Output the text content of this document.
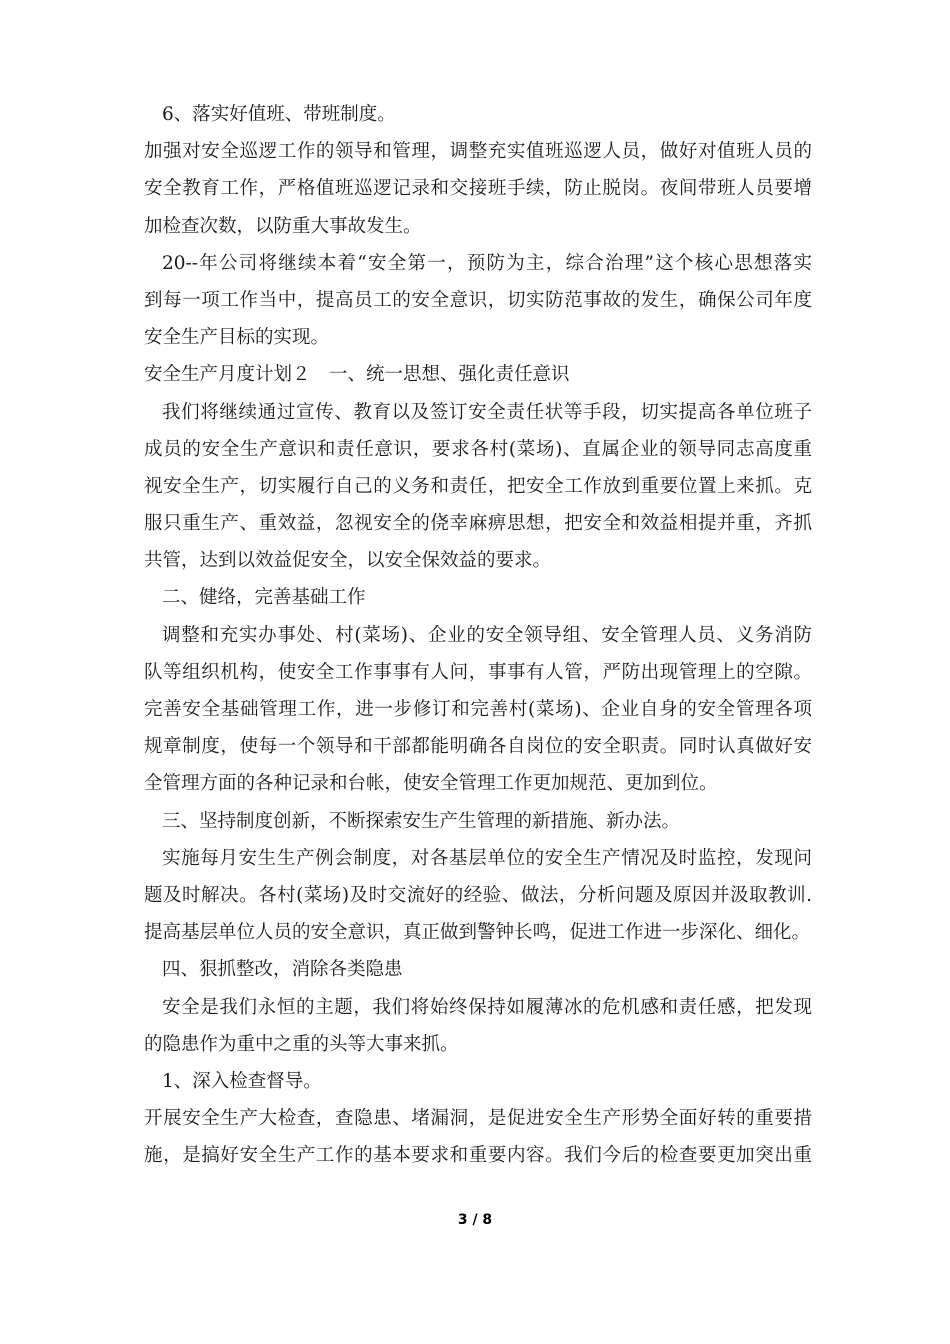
6、落实好值班、带班制度。
加强对安全巡逻工作的领导和管理，调整充实值班巡逻人员，做好对值班人员的
安全教育工作，严格值班巡逻记录和交接班手续，防止脱岗。夜间带班人员要增
加检查次数，以防重大事故发生。
20--年公司将继续本着“安全第一，预防为主，综合治理”这个核心思想落实
到每一项工作当中，提高员工的安全意识，切实防范事故的发生，确保公司年度
安全生产目标的实现。
安全生产月度计划２　一、统一思想、强化责任意识
我们将继续通过宣传、教育以及签订安全责任状等手段，切实提高各单位班子
成员的安全生产意识和责任意识，要求各村(菜场)、直属企业的领导同志高度重
视安全生产，切实履行自己的义务和责任，把安全工作放到重要位置上来抓。克
服只重生产、重效益，忽视安全的侥幸麻痹思想，把安全和效益相提并重，齐抓
共管，达到以效益促安全，以安全保效益的要求。
二、健络，完善基础工作
调整和充实办事处、村(菜场)、企业的安全领导组、安全管理人员、义务消防
队等组织机构，使安全工作事事有人问，事事有人管，严防出现管理上的空隙。
完善安全基础管理工作，进一步修订和完善村(菜场)、企业自身的安全管理各项
规章制度，使每一个领导和干部都能明确各自岗位的安全职责。同时认真做好安
全管理方面的各种记录和台帐，使安全管理工作更加规范、更加到位。
三、坚持制度创新，不断探索安生产生管理的新措施、新办法。
实施每月安生生产例会制度，对各基层单位的安全生产情况及时监控，发现问
题及时解决。各村(菜场)及时交流好的经验、做法，分析问题及原因并汲取教训.
提高基层单位人员的安全意识，真正做到警钟长鸣，促进工作进一步深化、细化。
四、狠抓整改，消除各类隐患
安全是我们永恒的主题，我们将始终保持如履薄冰的危机感和责任感，把发现
的隐患作为重中之重的头等大事来抓。
1、深入检查督导。
开展安全生产大检查，查隐患、堵漏洞，是促进安全生产形势全面好转的重要措
施，是搞好安全生产工作的基本要求和重要内容。我们今后的检查要更加突出重
3 / 8
